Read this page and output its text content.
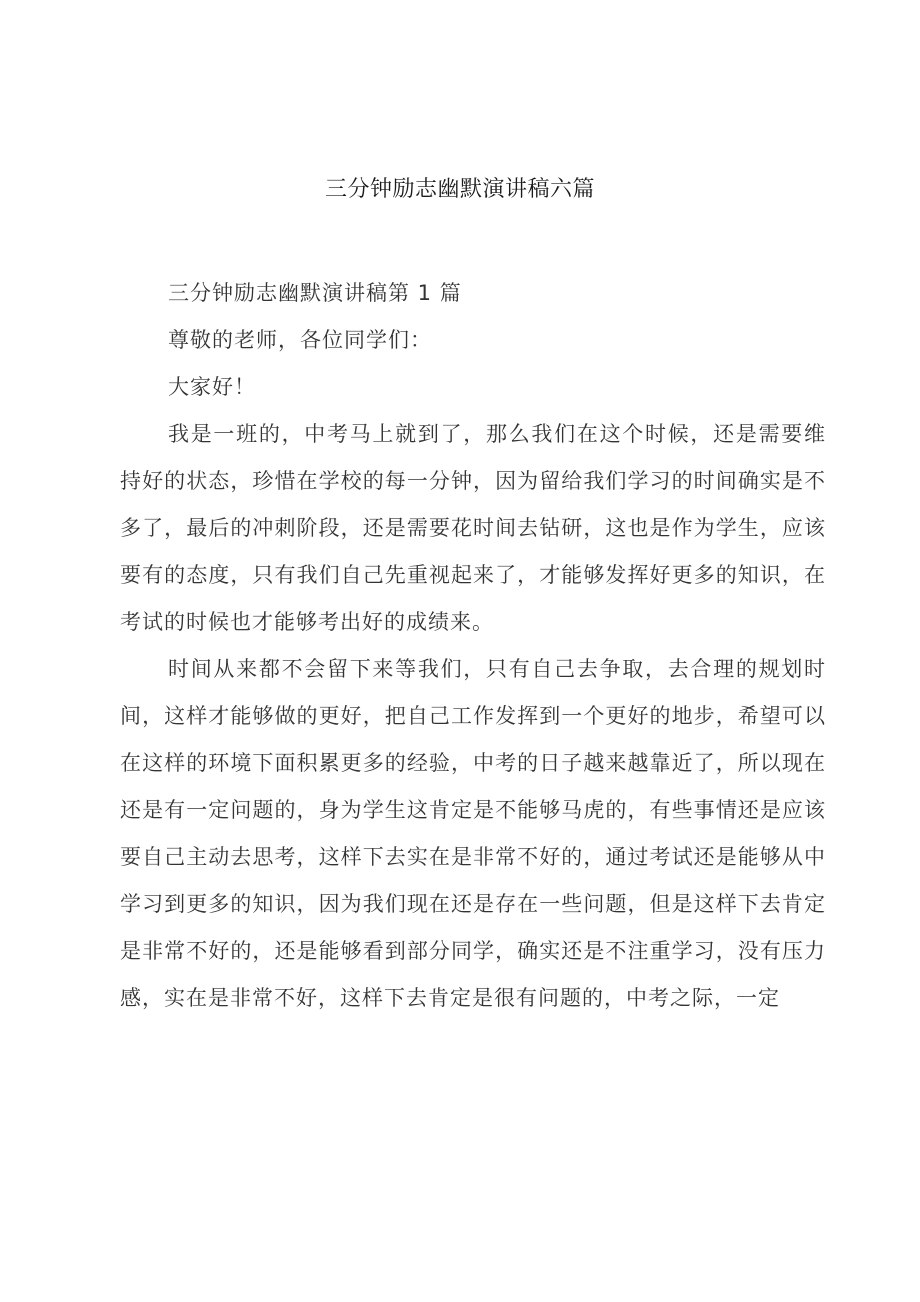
三分钟励志幽默演讲稿六篇

三分钟励志幽默演讲稿第 1 篇

尊敬的老师，各位同学们：

大家好！

我是一班的，中考马上就到了，那么我们在这个时候，还是需要维持好的状态，珍惜在学校的每一分钟，因为留给我们学习的时间确实是不多了，最后的冲刺阶段，还是需要花时间去钻研，这也是作为学生，应该要有的态度，只有我们自己先重视起来了，才能够发挥好更多的知识，在考试的时候也才能够考出好的成绩来。

时间从来都不会留下来等我们，只有自己去争取，去合理的规划时间，这样才能够做的更好，把自己工作发挥到一个更好的地步，希望可以在这样的环境下面积累更多的经验，中考的日子越来越靠近了，所以现在还是有一定问题的，身为学生这肯定是不能够马虎的，有些事情还是应该要自己主动去思考，这样下去实在是非常不好的，通过考试还是能够从中学习到更多的知识，因为我们现在还是存在一些问题，但是这样下去肯定是非常不好的，还是能够看到部分同学，确实还是不注重学习，没有压力感，实在是非常不好，这样下去肯定是很有问题的，中考之际，一定
